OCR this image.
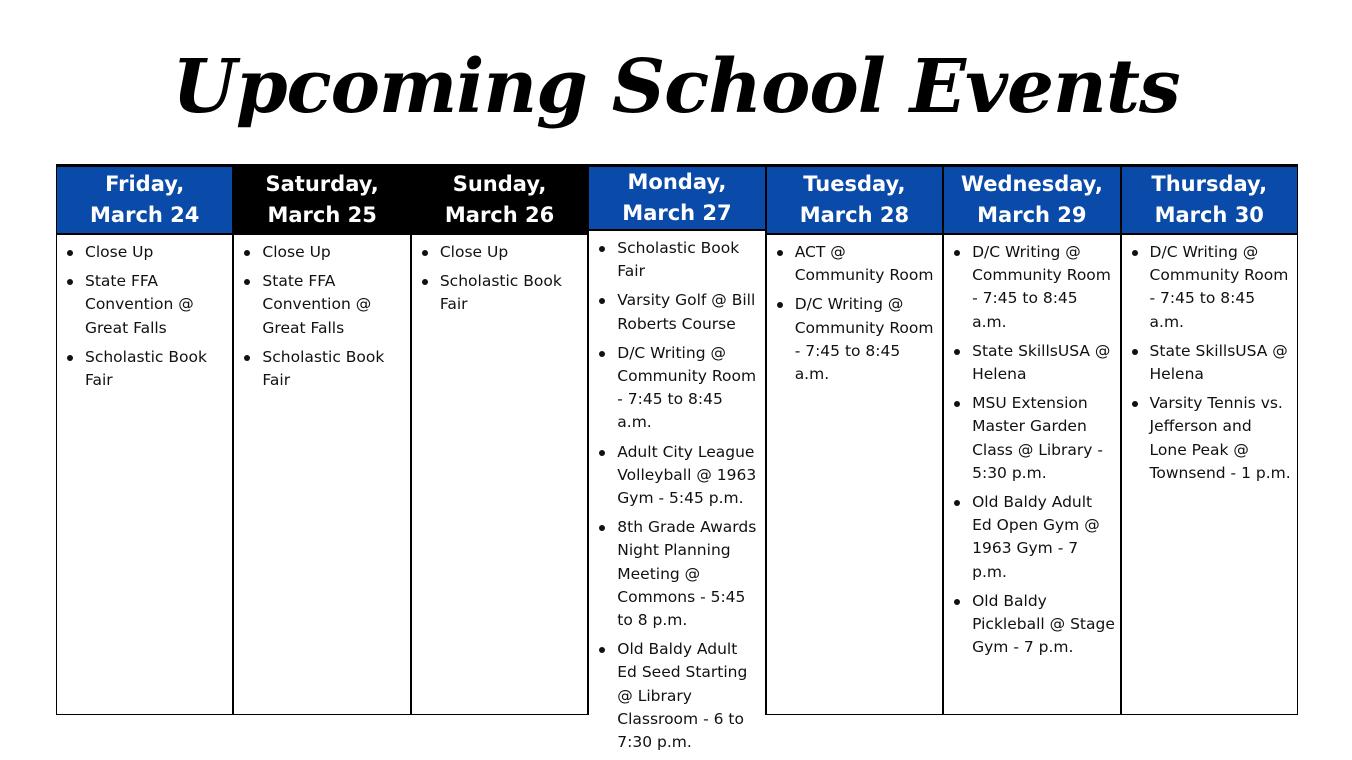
Upcoming School Events
Friday,
March 24
Close Up
State FFA Convention @ Great Falls
Scholastic Book Fair
Saturday,
March 25
Close Up
State FFA Convention @ Great Falls
Scholastic Book Fair
Sunday,
March 26
Close Up
Scholastic Book Fair
Monday,
March 27
Scholastic Book Fair
Varsity Golf @ Bill Roberts Course
D/C Writing @ Community Room - 7:45 to 8:45 a.m.
Adult City League Volleyball @ 1963 Gym - 5:45 p.m.
8th Grade Awards Night Planning Meeting @ Commons - 5:45 to 8 p.m.
Old Baldy Adult Ed Seed Starting @ Library Classroom - 6 to 7:30 p.m.
Tuesday,
March 28
ACT @ Community Room
D/C Writing @ Community Room - 7:45 to 8:45 a.m.
Wednesday,
March 29
D/C Writing @ Community Room - 7:45 to 8:45 a.m.
State SkillsUSA @ Helena
MSU Extension Master Garden Class @ Library - 5:30 p.m.
Old Baldy Adult Ed Open Gym @ 1963 Gym - 7 p.m.
Old Baldy Pickleball @ Stage Gym - 7 p.m.
Thursday,
March 30
D/C Writing @ Community Room - 7:45 to 8:45 a.m.
State SkillsUSA @ Helena
Varsity Tennis vs. Jefferson and Lone Peak @ Townsend - 1 p.m.
